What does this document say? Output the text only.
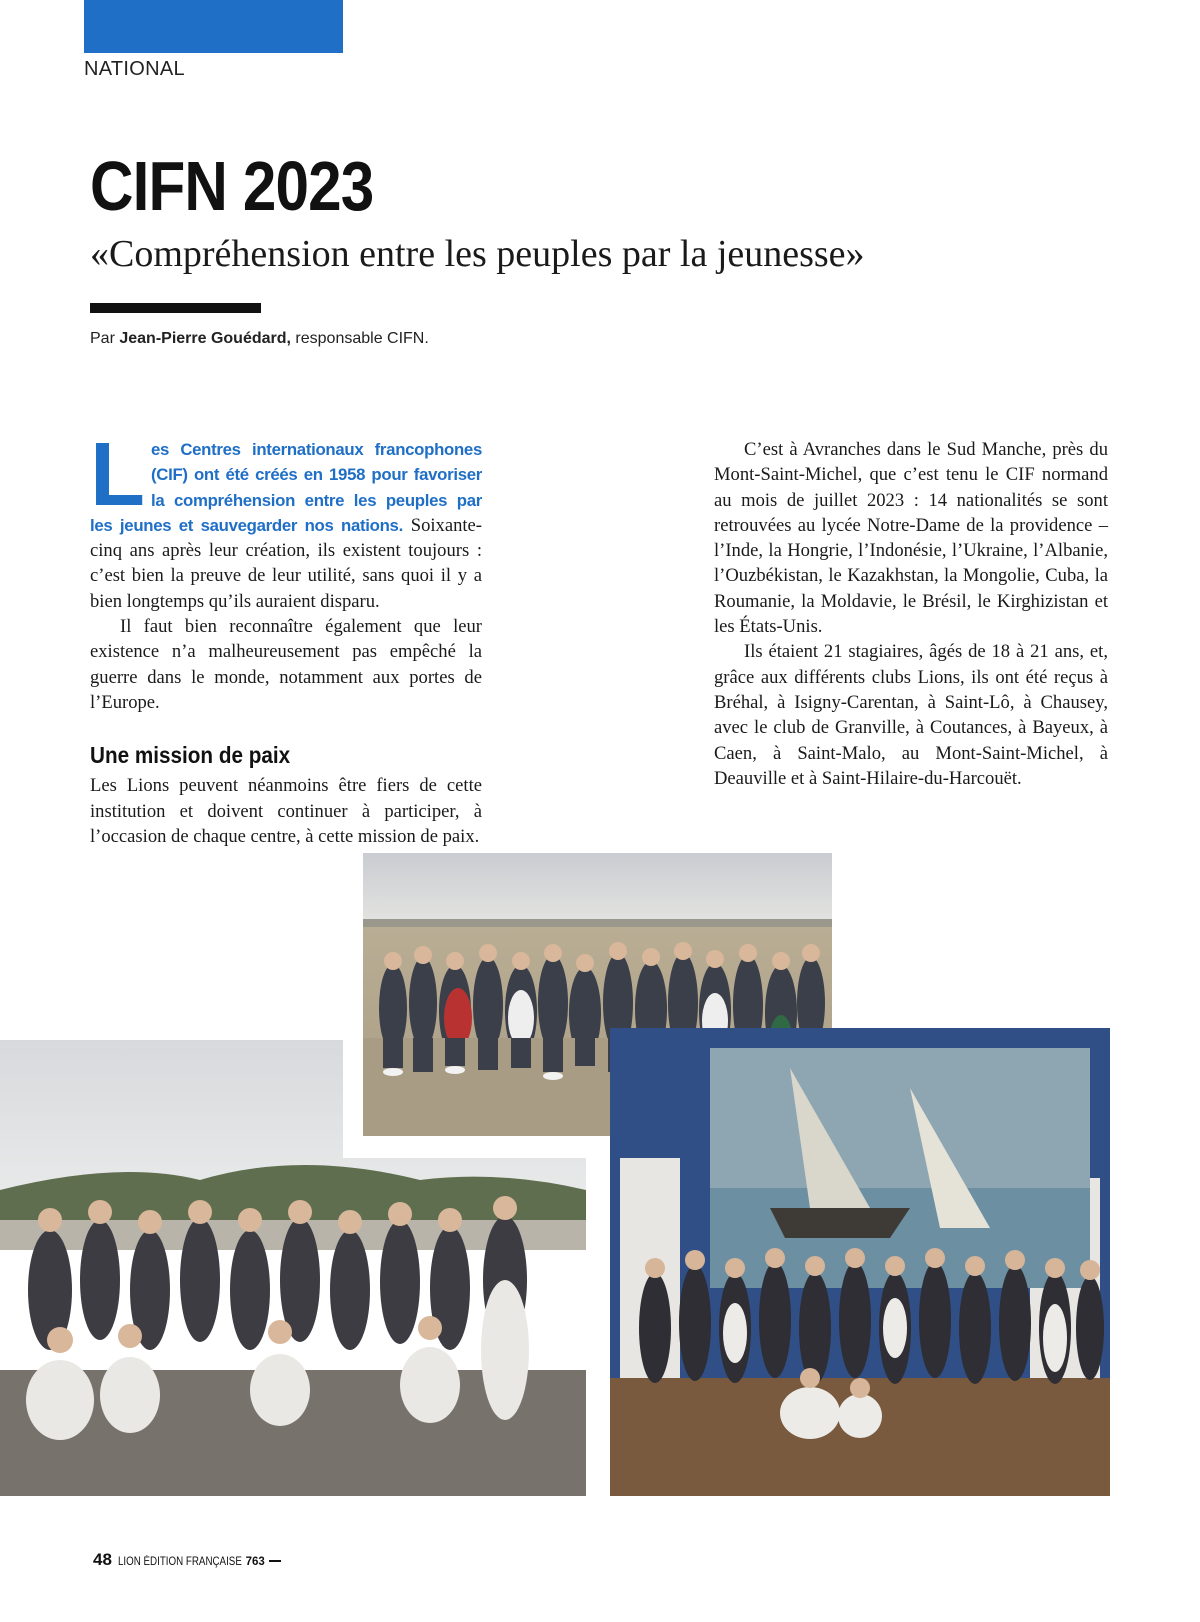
NATIONAL
CIFN 2023
«Compréhension entre les peuples par la jeunesse»
Par Jean-Pierre Gouédard, responsable CIFN.

Les Centres internationaux francophones (CIF) ont été créés en 1958 pour favoriser la compréhension entre les peuples par les jeunes et sauvegarder nos nations. Soixante-cinq ans après leur création, ils existent toujours : c’est bien la preuve de leur utilité, sans quoi il y a bien longtemps qu’ils auraient disparu.

Il faut bien reconnaître également que leur existence n’a malheureusement pas empêché la guerre dans le monde, notamment aux portes de l’Europe.

Une mission de paix

Les Lions peuvent néanmoins être fiers de cette institution et doivent continuer à participer, à l’occasion de chaque centre, à cette mission de paix.

C’est à Avranches dans le Sud Manche, près du Mont-Saint-Michel, que c’est tenu le CIF normand au mois de juillet 2023 : 14 nationalités se sont retrouvées au lycée Notre-Dame de la providence – l’Inde, la Hongrie, l’Indonésie, l’Ukraine, l’Albanie, l’Ouzbékistan, le Kazakhstan, la Mongolie, Cuba, la Roumanie, la Moldavie, le Brésil, le Kirghizistan et les États-Unis.

Ils étaient 21 stagiaires, âgés de 18 à 21 ans, et, grâce aux différents clubs Lions, ils ont été reçus à Bréhal, à Isigny-Carentan, à Saint-Lô, à Chausey, avec le club de Granville, à Coutances, à Bayeux, à Caen, à Saint-Malo, au Mont-Saint-Michel, à Deauville et à Saint-Hilaire-du-Harcouët.

48 LION ÉDITION FRANÇAISE 763
